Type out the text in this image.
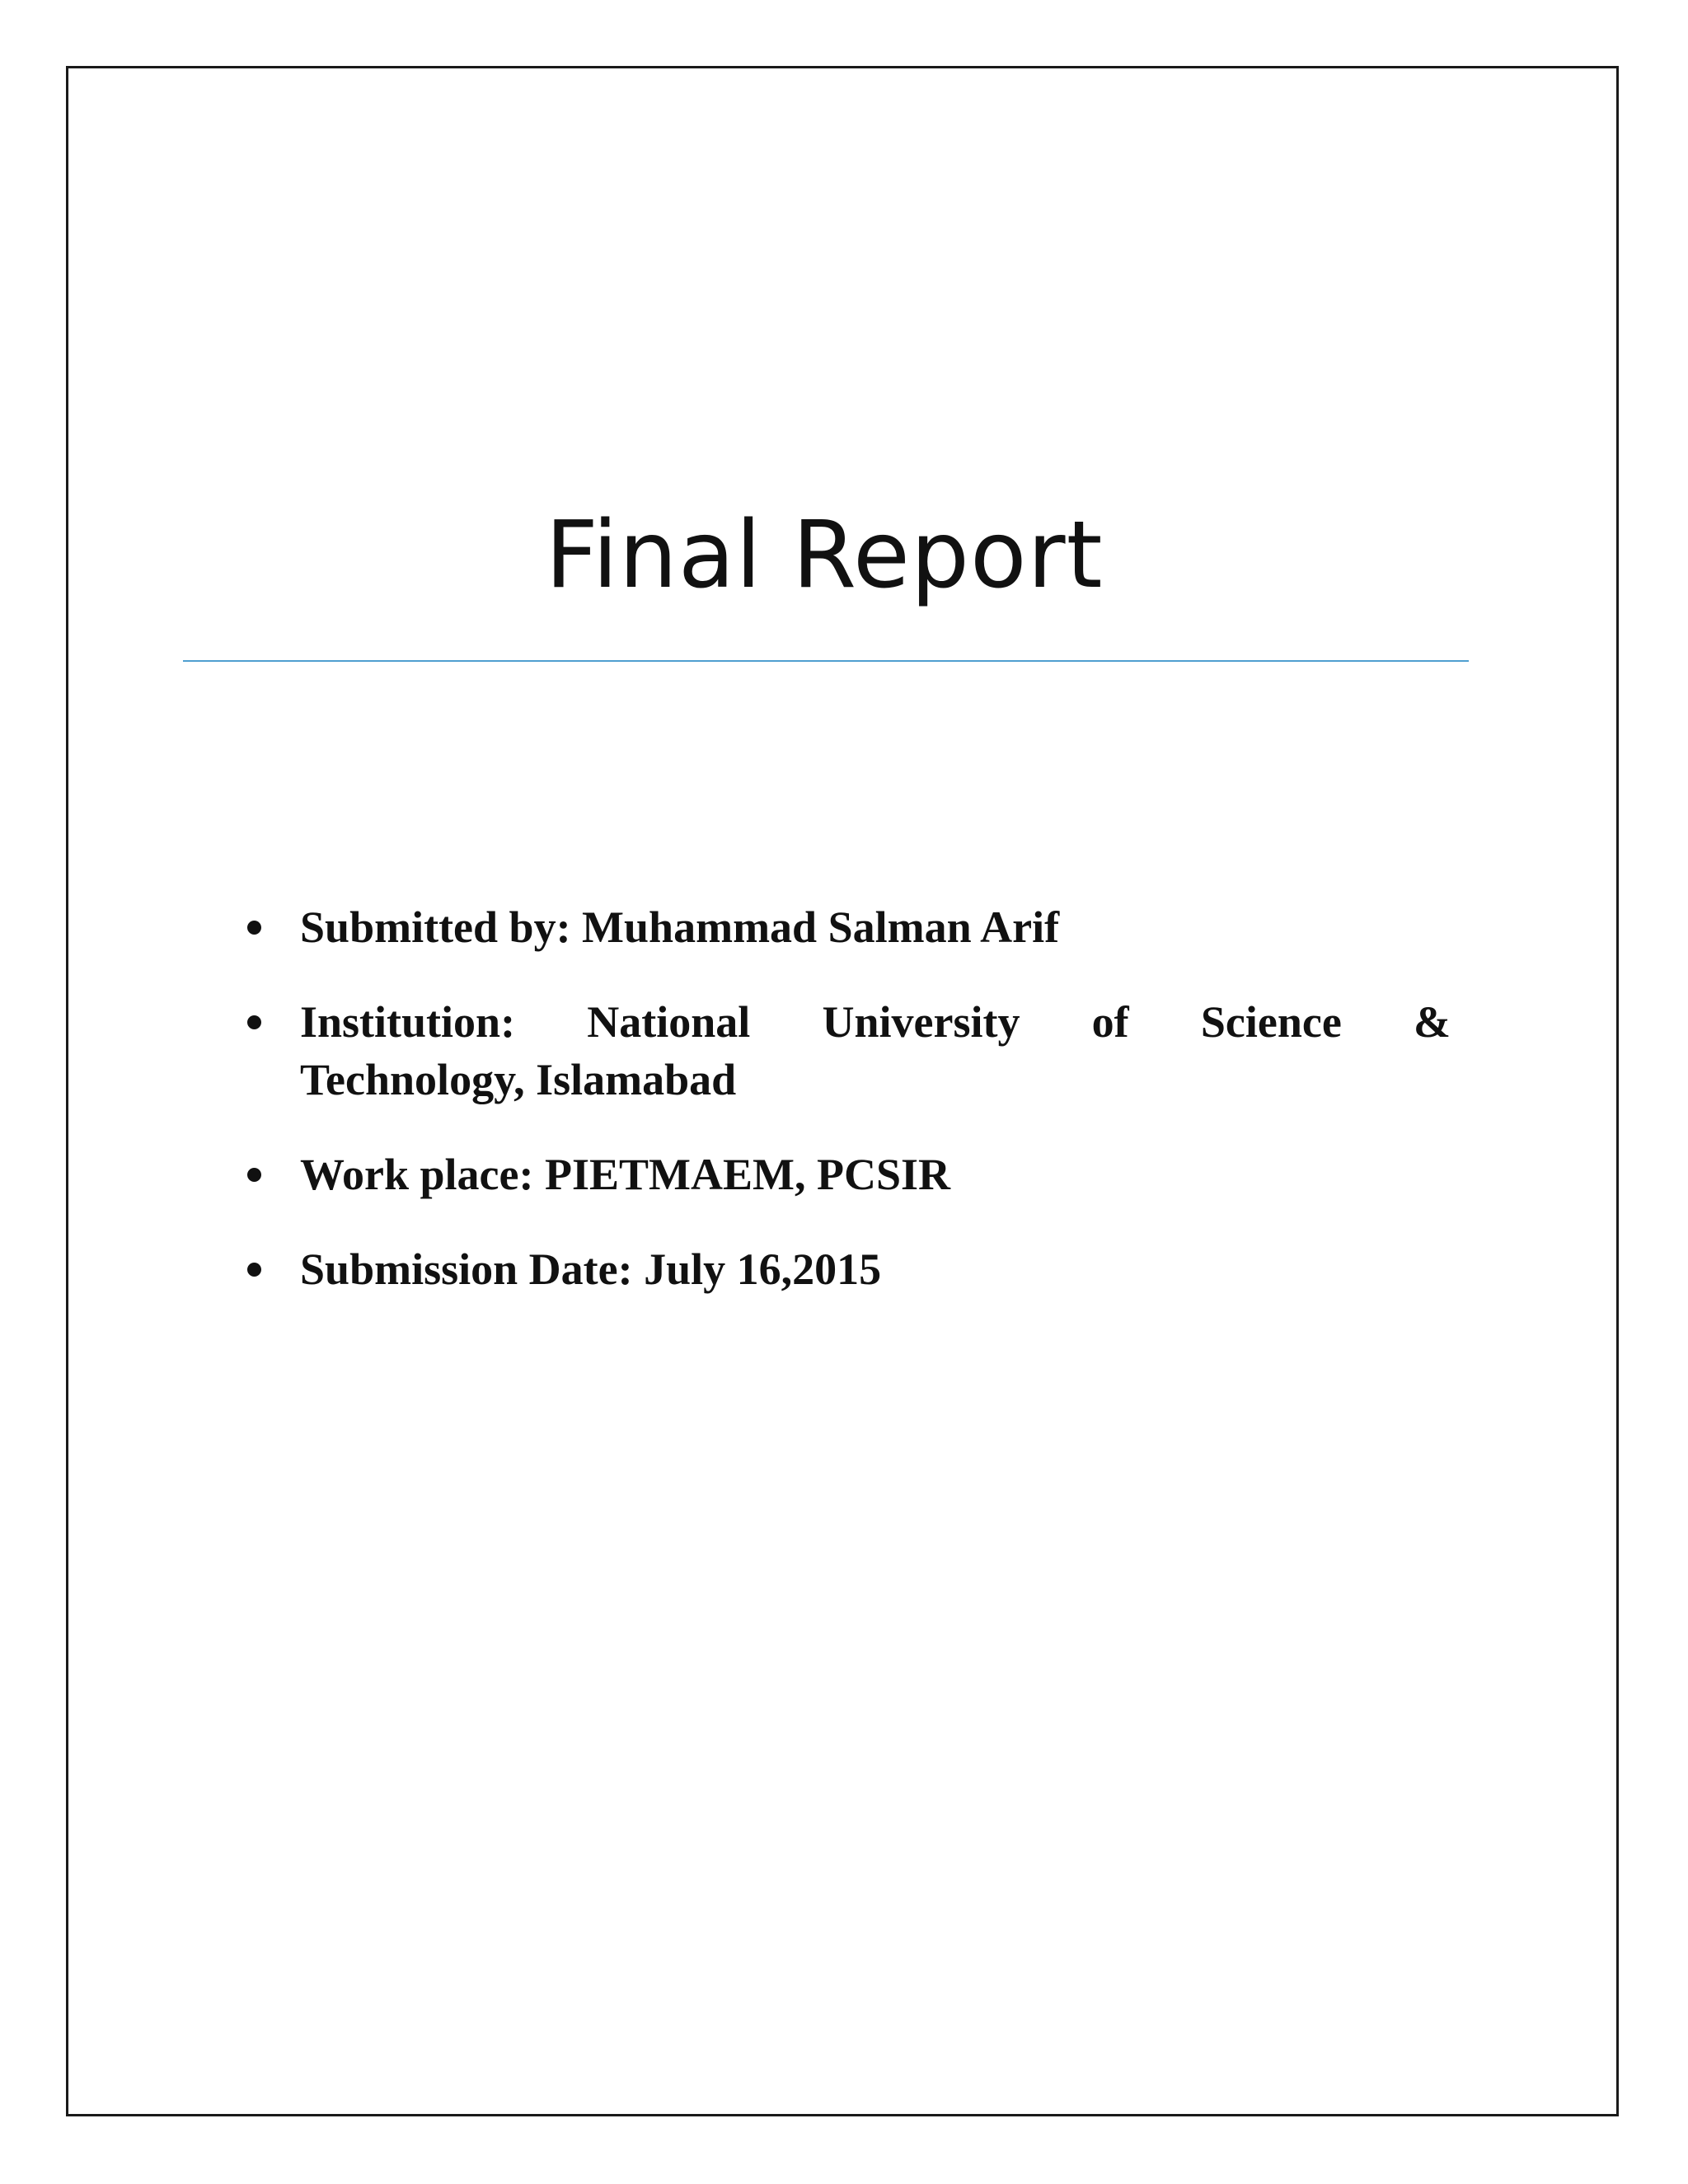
Final Report
Submitted by: Muhammad Salman Arif
Institution: National University of Science &
Technology, Islamabad
Work place: PIETMAEM, PCSIR
Submission Date: July 16,2015
